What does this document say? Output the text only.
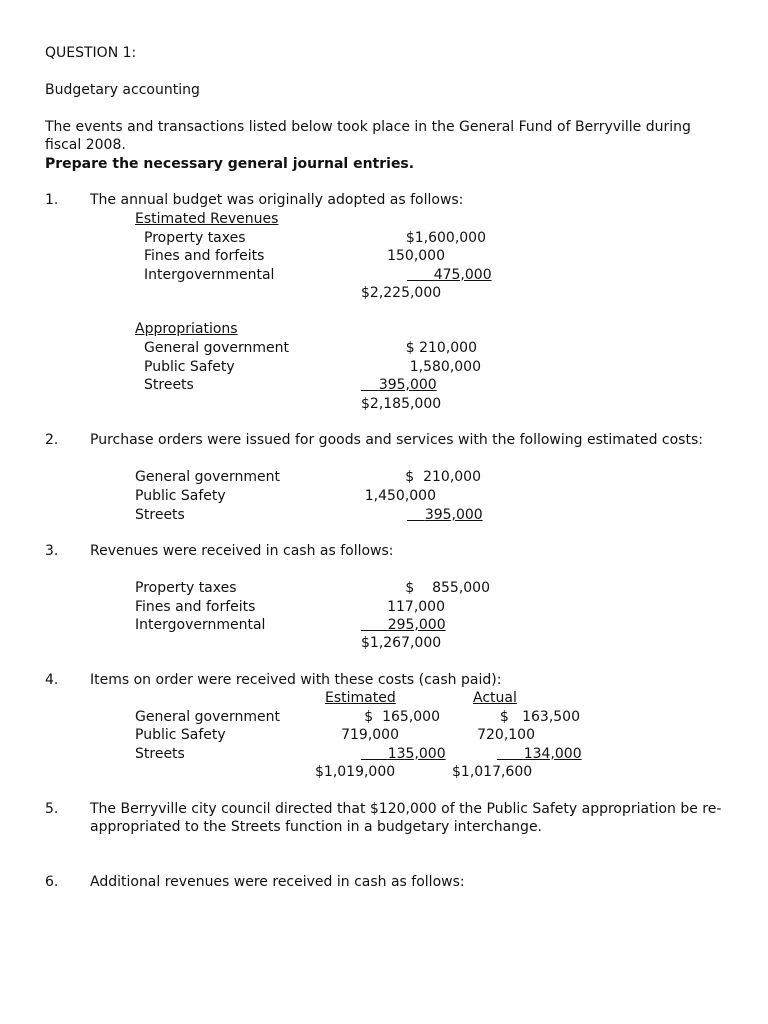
QUESTION 1:
Budgetary accounting
The events and transactions listed below took place in the General Fund of Berryville during
fiscal 2008.
Prepare the necessary general journal entries.
1. The annual budget was originally adopted as follows:
Estimated Revenues
Property taxes	$1,600,000
Fines and forfeits	150,000
Intergovernmental	475,000
$2,225,000
Appropriations
General government	$ 210,000
Public Safety	1,580,000
Streets	395,000
$2,185,000
2. Purchase orders were issued for goods and services with the following estimated costs:
General government	$  210,000
Public Safety	1,450,000
Streets	395,000
3. Revenues were received in cash as follows:
Property taxes	$    855,000
Fines and forfeits	117,000
Intergovernmental	295,000
$1,267,000
4. Items on order were received with these costs (cash paid):
Estimated	Actual
General government	$  165,000	$   163,500
Public Safety	719,000	720,100
Streets	135,000	134,000
$1,019,000	$1,017,600
5. The Berryville city council directed that $120,000 of the Public Safety appropriation be re-
appropriated to the Streets function in a budgetary interchange.
6. Additional revenues were received in cash as follows:
